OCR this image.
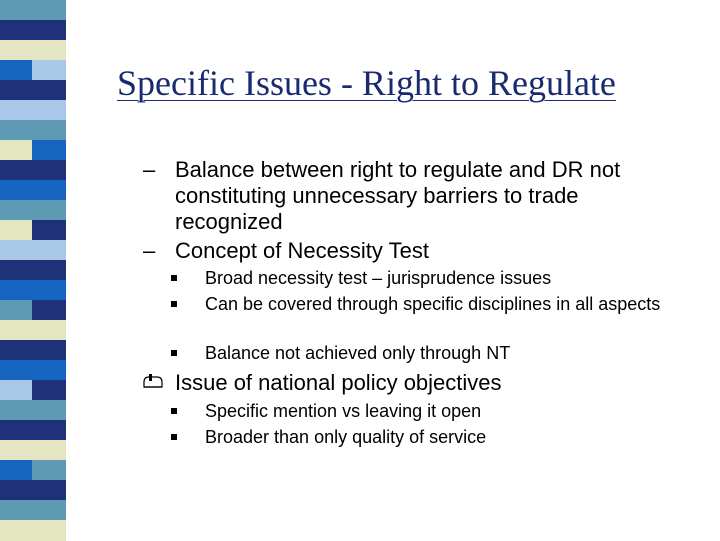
Specific Issues - Right to Regulate
– Balance between right to regulate and DR not constituting unnecessary barriers to trade recognized
– Concept of Necessity Test
Broad necessity test – jurisprudence issues
Can be covered through specific disciplines in all aspects
Balance not achieved only through NT
Issue of national policy objectives
Specific mention vs leaving it open
Broader than only quality of service
